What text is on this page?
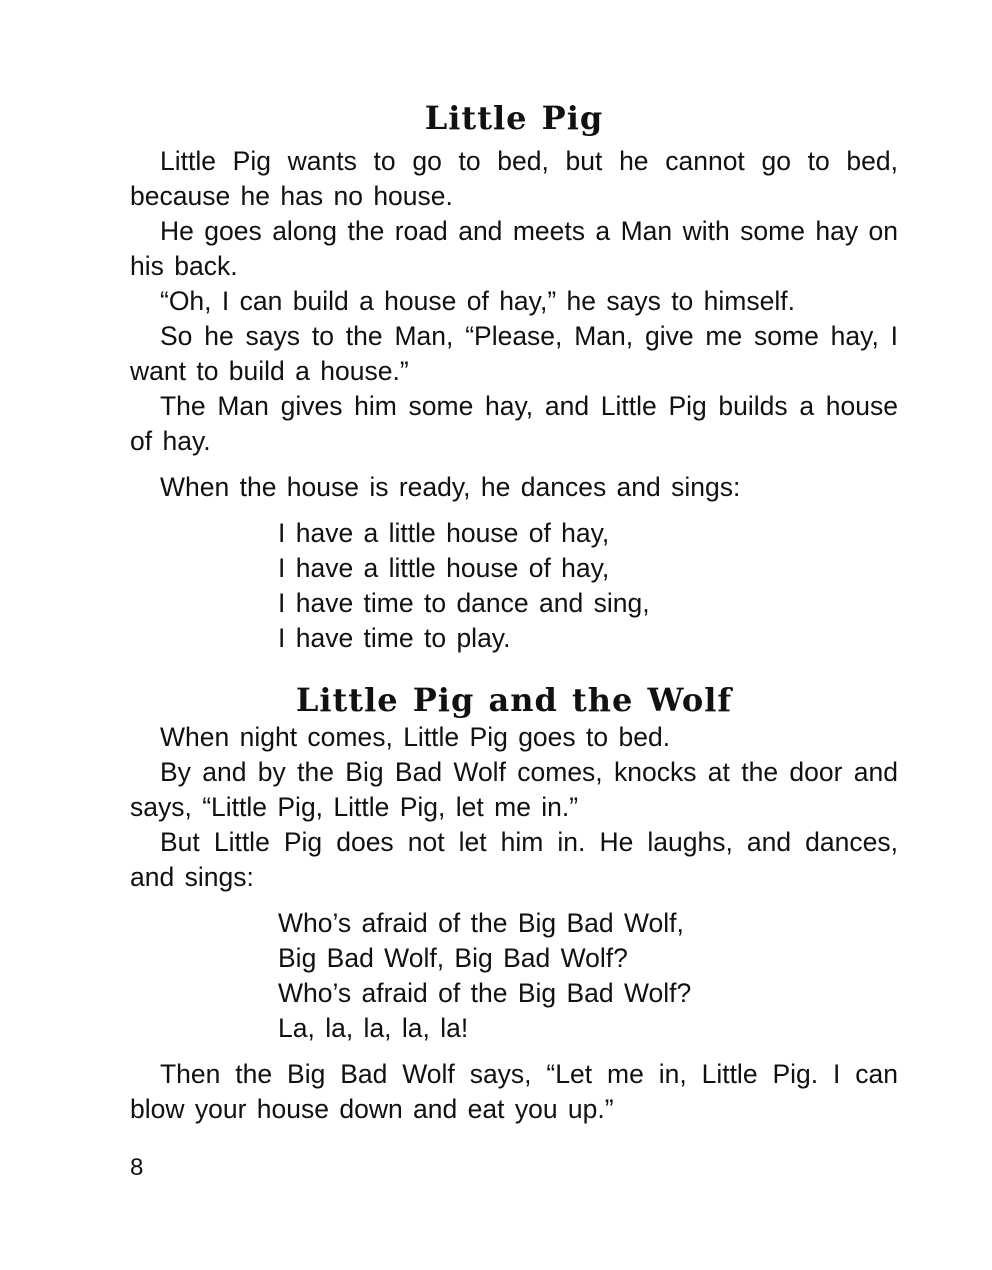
Little Pig

Little Pig wants to go to bed, but he cannot go to bed, because he has no house.

He goes along the road and meets a Man with some hay on his back.

“Oh, I can build a house of hay,” he says to himself.

So he says to the Man, “Please, Man, give me some hay, I want to build a house.”

The Man gives him some hay, and Little Pig builds a house of hay.

When the house is ready, he dances and sings:

I have a little house of hay,
I have a little house of hay,
I have time to dance and sing,
I have time to play.
Little Pig and the Wolf

When night comes, Little Pig goes to bed.

By and by the Big Bad Wolf comes, knocks at the door and says, “Little Pig, Little Pig, let me in.”

But Little Pig does not let him in. He laughs, and dances, and sings:

Who’s afraid of the Big Bad Wolf,
Big Bad Wolf, Big Bad Wolf?
Who’s afraid of the Big Bad Wolf?
La, la, la, la, la!

Then the Big Bad Wolf says, “Let me in, Little Pig. I can blow your house down and eat you up.”

8
